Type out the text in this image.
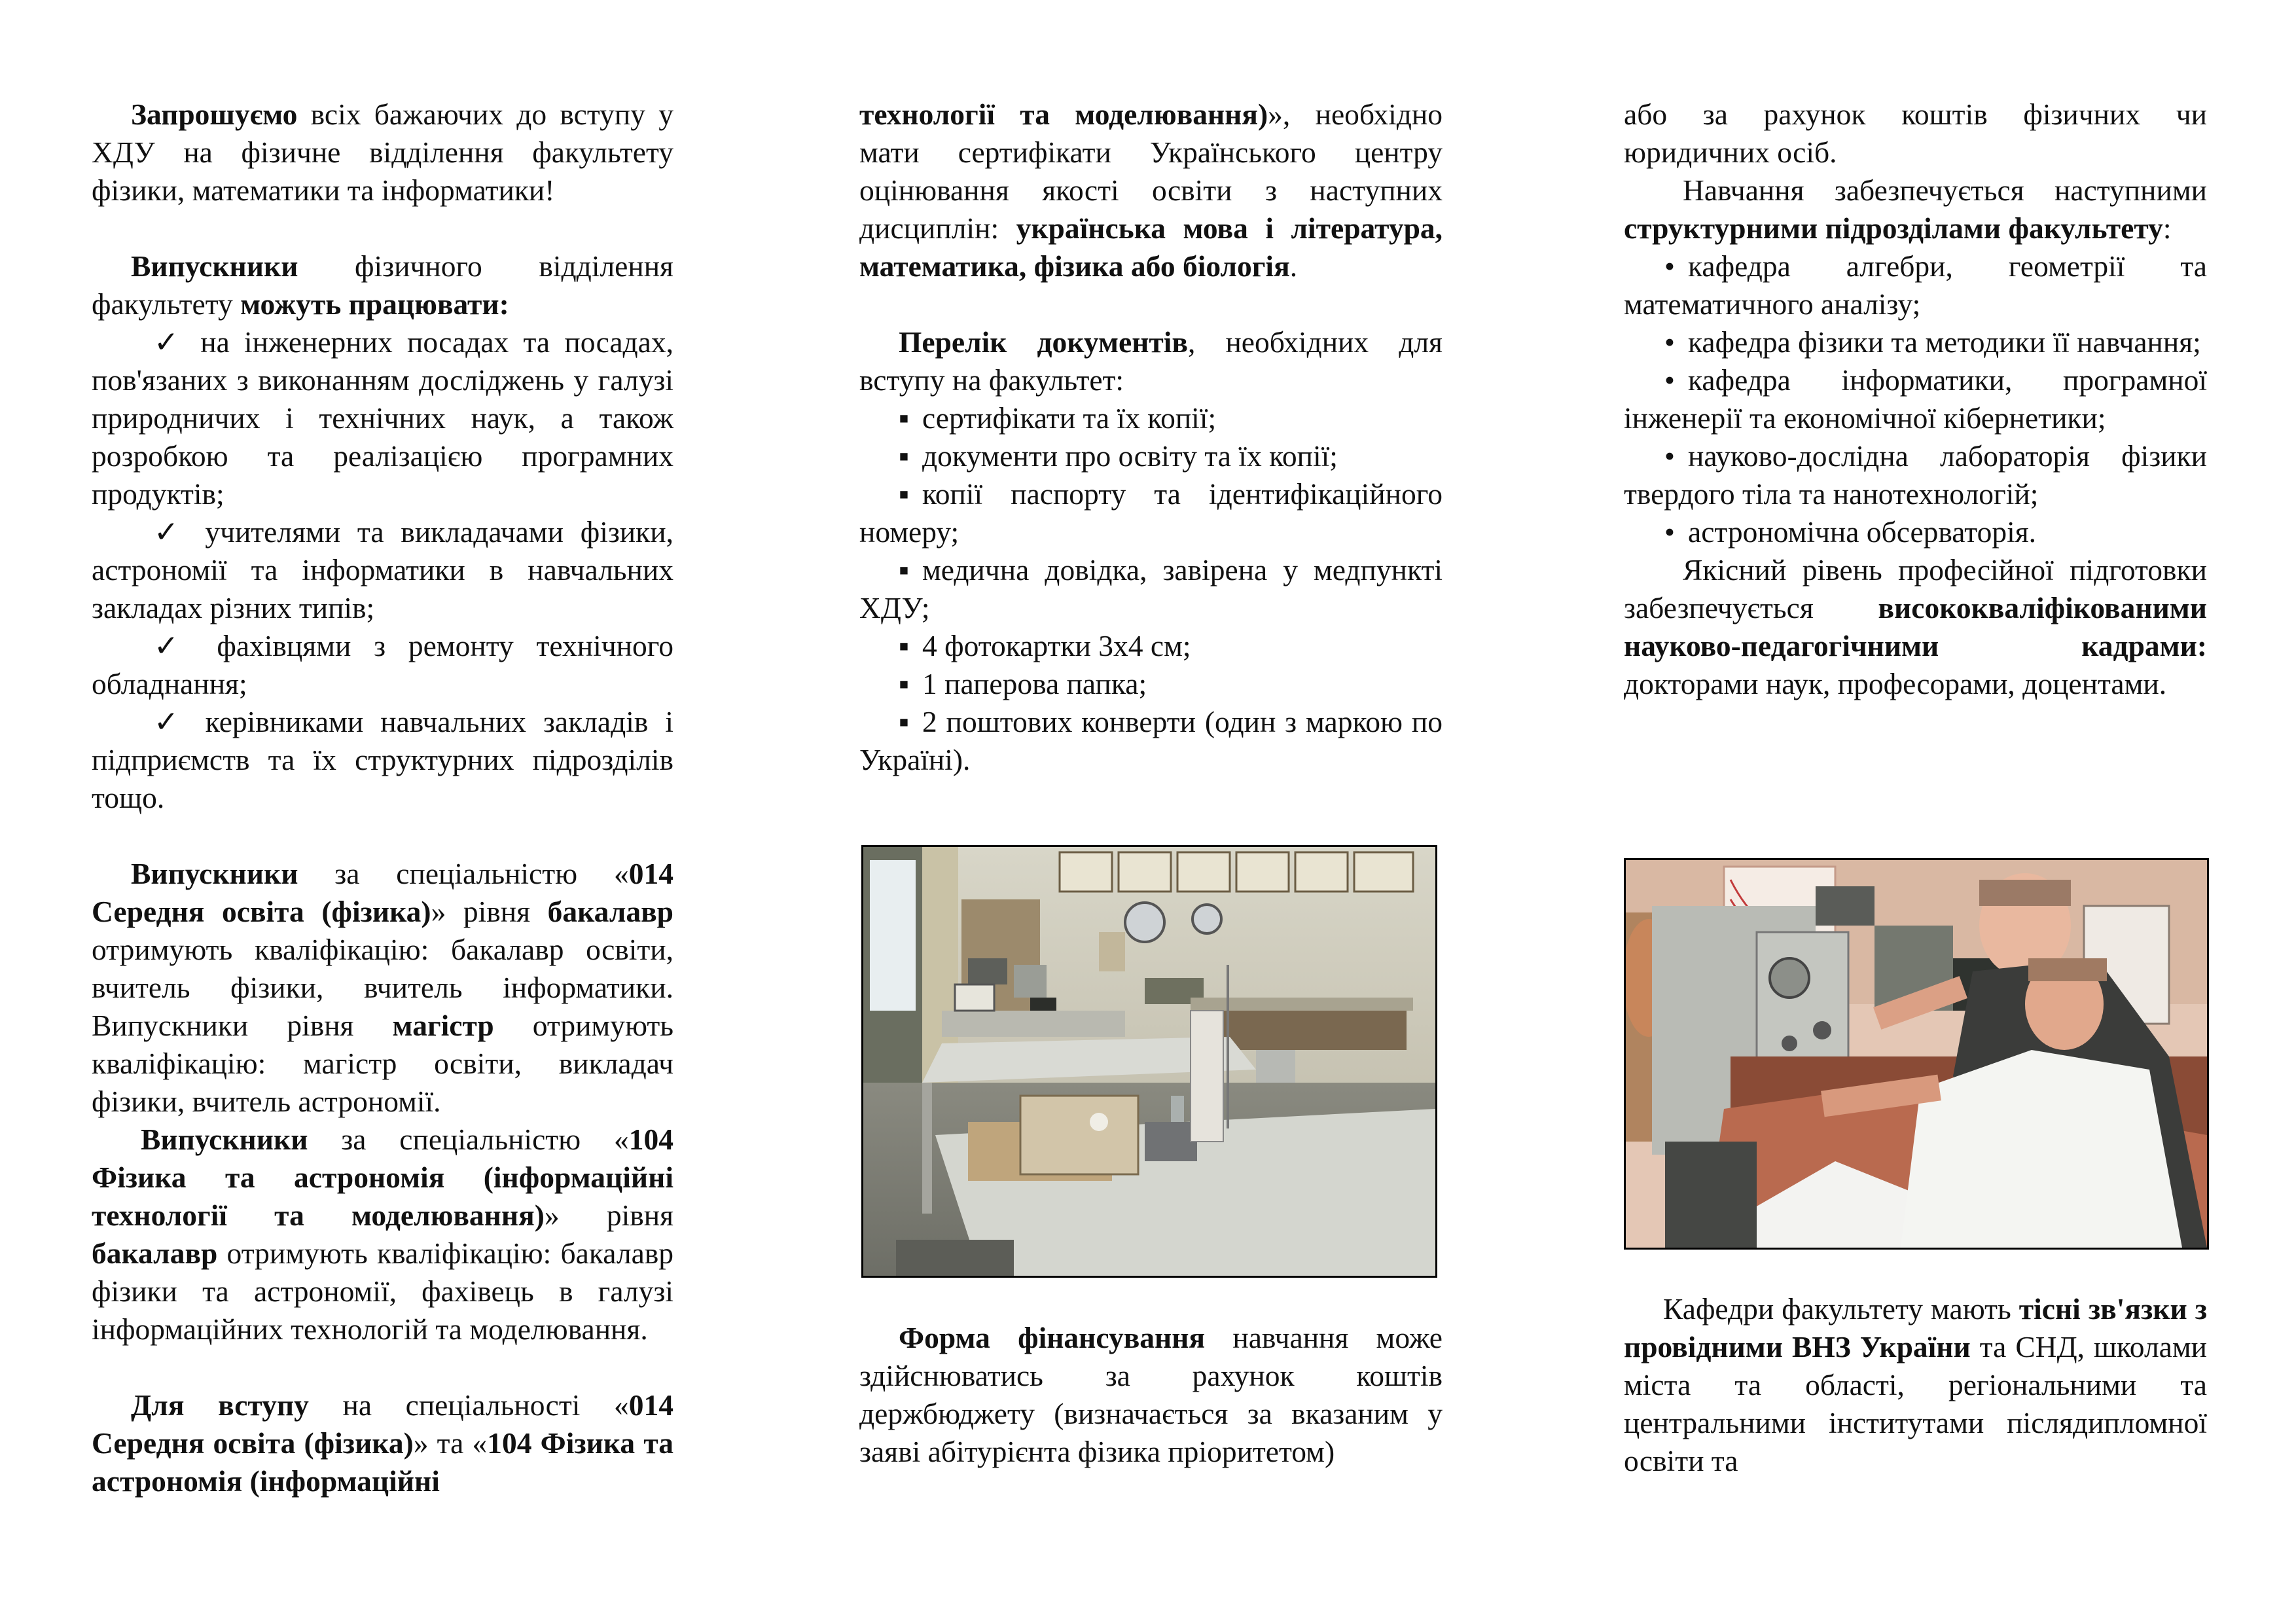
Запрошуємо всіх бажаючих до вступу у ХДУ на фізичне відділення факультету фізики, математики та інформатики!

Випускники фізичного відділення факультету можуть працювати:

✓ на інженерних посадах та посадах, пов'язаних з виконанням досліджень у галузі природничих і технічних наук, а також розробкою та реалізацією програмних продуктів;

✓ учителями та викладачами фізики, астрономії та інформатики в навчальних закладах різних типів;

✓ фахівцями з ремонту технічного обладнання;

✓ керівниками навчальних закладів і підприємств та їх структурних підрозділів тощо.

Випускники за спеціальністю «014 Середня освіта (фізика)» рівня бакалавр отримують кваліфікацію: бакалавр освіти, вчитель фізики, вчитель інформатики. Випускники рівня магістр отримують кваліфікацію: магістр освіти, викладач фізики, вчитель астрономії.

Випускники за спеціальністю «104 Фізика та астрономія (інформаційні технології та моделювання)» рівня бакалавр отримують кваліфікацію: бакалавр фізики та астрономії, фахівець в галузі інформаційних технологій та моделювання.

Для вступу на спеціальності «014 Середня освіта (фізика)» та «104 Фізика та астрономія (інформаційні

технології та моделювання)», необхідно мати сертифікати Українського центру оцінювання якості освіти з наступних дисциплін: українська мова і література, математика, фізика або біологія.

Перелік документів, необхідних для вступу на факультет:

▪ сертифікати та їх копії;

▪ документи про освіту та їх копії;

▪ копії паспорту та ідентифікаційного номеру;

▪ медична довідка, завірена у медпункті ХДУ;

▪ 4 фотокартки 3х4 см;

▪ 1 паперова папка;

▪ 2 поштових конверти (один з маркою по Україні).

Форма фінансування навчання може здійснюватись за рахунок коштів держбюджету (визначається за вказаним у заяві абітурієнта фізика пріоритетом)

або за рахунок коштів фізичних чи юридичних осіб.

Навчання забезпечується наступними структурними підрозділами факультету:

• кафедра алгебри, геометрії та математичного аналізу;

• кафедра фізики та методики її навчання;

• кафедра інформатики, програмної інженерії та економічної кібернетики;

• науково-дослідна лабораторія фізики твердого тіла та нанотехнологій;

• астрономічна обсерваторія.

Якісний рівень професійної підготовки забезпечується висококваліфікованими науково-педагогічними кадрами: докторами наук, професорами, доцентами.

Кафедри факультету мають тісні зв'язки з провідними ВНЗ України та СНД, школами міста та області, регіональними та центральними інститутами післядипломної освіти та
